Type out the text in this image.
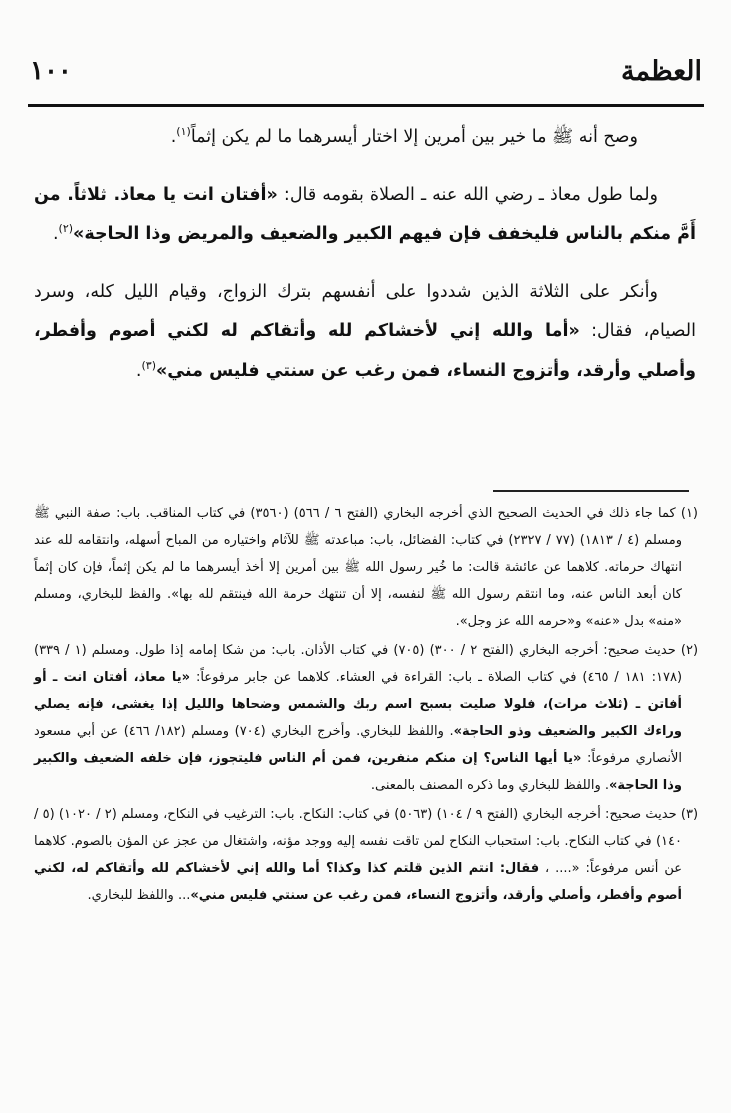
١٠٠	العظمة

وصح أنه ﷺ ما خير بين أمرين إلا اختار أيسرهما ما لم يكن إثماً$^{(١)}$.

ولما طول معاذ ـ رضي الله عنه ـ الصلاة بقومه قال: «أفتان انت يا معاذ. ثلاثاً. من أَمَّ منكم بالناس فليخفف فإن فيهم الكبير والضعيف والمريض وذا الحاجة»$^{(٢)}$.

وأنكر على الثلاثة الذين شددوا على أنفسهم بترك الزواج، وقيام الليل كله، وسرد الصيام، فقال: «أما والله إني لأخشاكم لله وأتقاكم له لكني أصوم وأفطر، وأصلي وأرقد، وأتزوج النساء، فمن رغب عن سنتي فليس مني»$^{(٣)}$.

(١) كما جاء ذلك في الحديث الصحيح الذي أخرجه البخاري (الفتح ٦ / ٥٦٦) (٣٥٦٠) في كتاب المناقب. باب: صفة النبي ﷺ ومسلم (٤ / ١٨١٣) (٧٧ / ٢٣٢٧) في كتاب: الفضائل، باب: مباعدته ﷺ للآثام واختياره من المباح أسهله، وانتقامه لله عند انتهاك حرماته. كلاهما عن عائشة قالت: ما خُير رسول الله ﷺ بين أمرين إلا أخذ أيسرهما ما لم يكن إثماً، فإن كان إثماً كان أبعد الناس عنه، وما انتقم رسول الله ﷺ لنفسه، إلا أن تنتهك حرمة الله فينتقم لله بها». والفظ للبخاري، ومسلم «منه» بدل «عنه» و«حرمه الله عز وجل».

(٢) حديث صحيح: أخرجه البخاري (الفتح ٢ / ٣٠٠) (٧٠٥) في كتاب الأذان. باب: من شكا إمامه إذا طول. ومسلم (١ / ٣٣٩) (١٧٨: ١٨١ / ٤٦٥) في كتاب الصلاة ـ باب: القراءة في العشاء. كلاهما عن جابر مرفوعاً: «يا معاذ، أفتان انت ـ أو أفاتن ـ (ثلاث مرات)، فلولا صليت بسبح اسم ربك والشمس وضحاها والليل إذا يغشى، فإنه يصلي وراءك الكبير والضعيف وذو الحاجة». واللفظ للبخاري. وأخرج البخاري (٧٠٤) ومسلم (١٨٢/ ٤٦٦) عن أبي مسعود الأنصاري مرفوعاً: «يا أيها الناس؟ إن منكم منفرين، فمن أم الناس فليتجوز، فإن خلفه الضعيف والكبير وذا الحاجة». واللفظ للبخاري وما ذكره المصنف بالمعنى.

(٣) حديث صحيح: أخرجه البخاري (الفتح ٩ / ١٠٤) (٥٠٦٣) في كتاب: النكاح. باب: الترغيب في النكاح، ومسلم (٢ / ١٠٢٠) (٥ / ١٤٠) في كتاب النكاح. باب: استحباب النكاح لمن تاقت نفسه إليه ووجد مؤنه، واشتغال من عجز عن المؤن بالصوم. كلاهما عن أنس مرفوعاً: «.... ، فقال: انتم الذين قلتم كذا وكذا؟ أما والله إني لأخشاكم لله وأتقاكم له، لكني أصوم وأفطر، وأصلي وأرقد، وأتزوج النساء، فمن رغب عن سنتي فليس مني»... واللفظ للبخاري.
